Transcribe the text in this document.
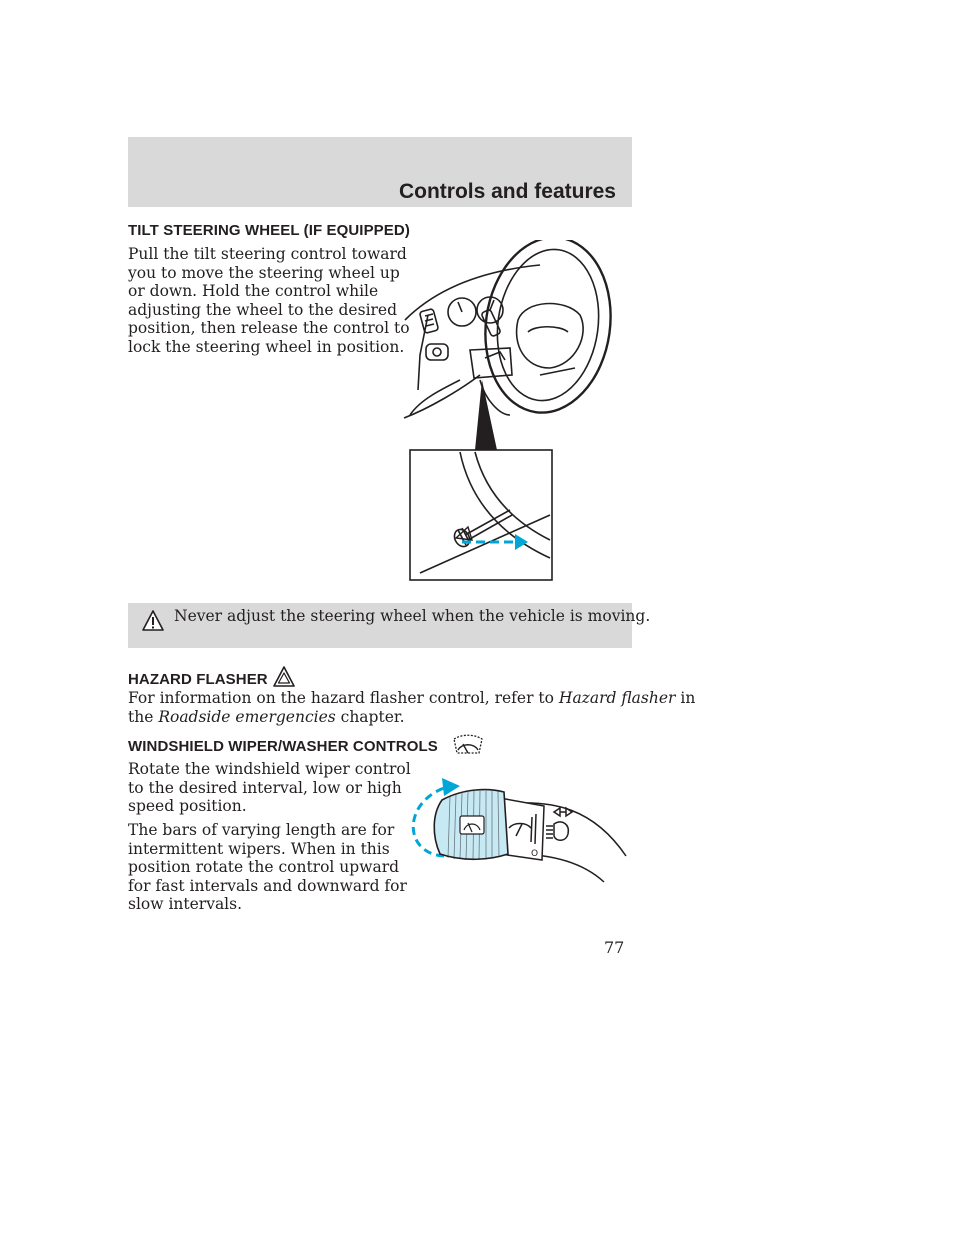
Controls and features
TILT STEERING WHEEL (IF EQUIPPED)

Pull the tilt steering control toward
you to move the steering wheel up
or down. Hold the control while
adjusting the wheel to the desired
position, then release the control to
lock the steering wheel in position.

Never adjust the steering wheel when the vehicle is moving.
HAZARD FLASHER

For information on the hazard flasher control, refer to Hazard flasher in
the Roadside emergencies chapter.

WINDSHIELD WIPER/WASHER CONTROLS

Rotate the windshield wiper control
to the desired interval, low or high
speed position.

The bars of varying length are for
intermittent wipers. When in this
position rotate the control upward
for fast intervals and downward for
slow intervals.

O
77
